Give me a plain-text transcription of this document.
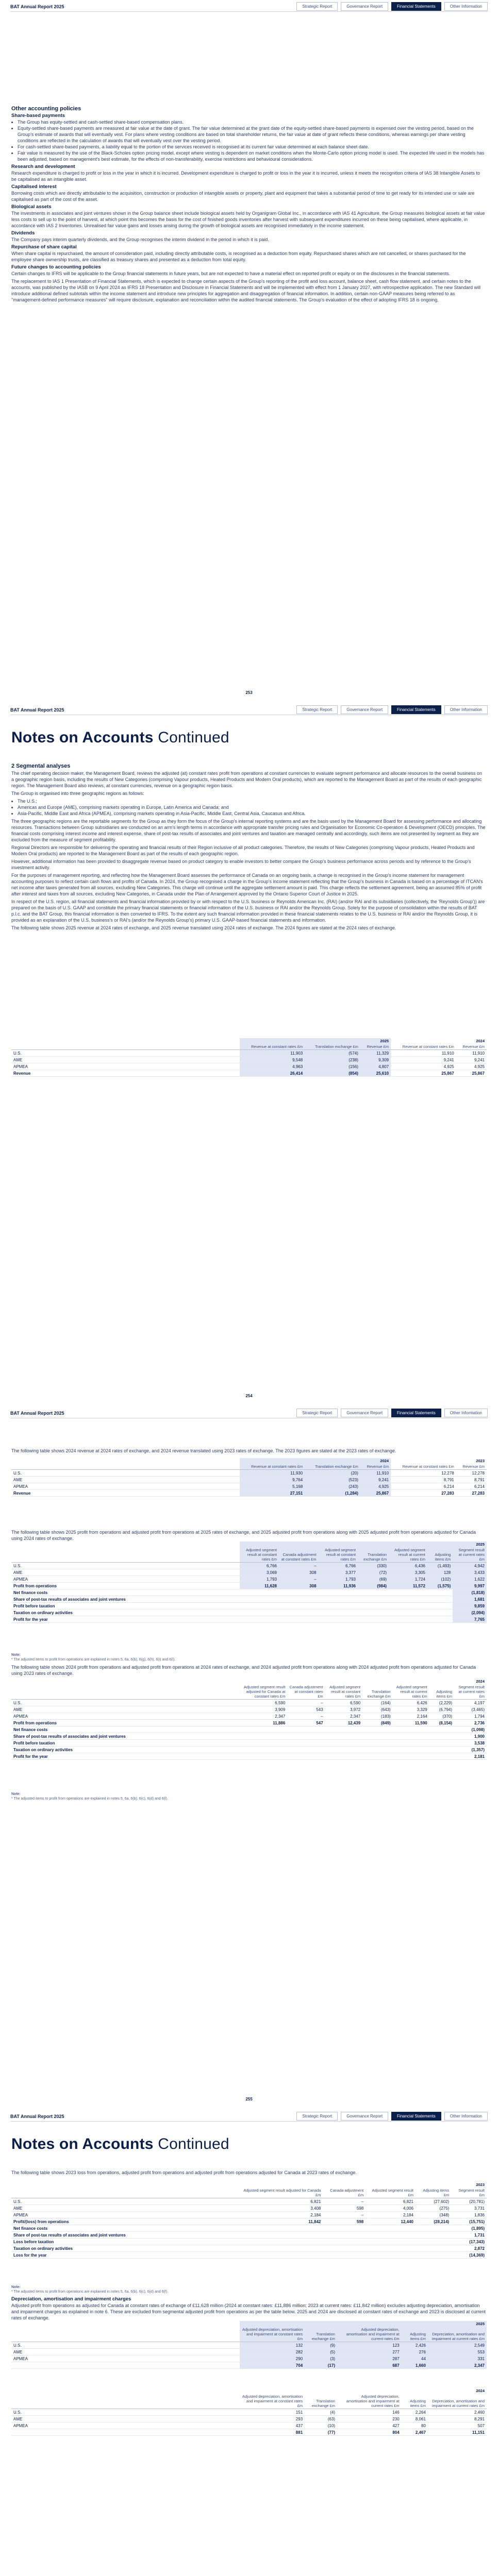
BAT Annual Report 2025	Strategic Report	Governance Report	Financial Statements	Other Information
Other accounting policies
Share-based payments
• The Group has equity-settled and cash-settled share-based compensation plans.
• Equity-settled share-based payments are measured at fair value at the date of grant. The fair value determined at the grant date of the equity-settled share-based payments is expensed over the vesting period, based on the Group's estimate of awards that will eventually vest. For plans where vesting conditions are based on total shareholder returns, the fair value at date of grant reflects these conditions, whereas earnings per share vesting conditions are reflected in the calculation of awards that will eventually vest over the vesting period.
• For cash-settled share-based payments, a liability equal to the portion of the services received is recognised at its current fair value determined at each balance sheet date.
• Fair value is measured by the use of the Black-Scholes option pricing model, except where vesting is dependent on market conditions when the Monte-Carlo option pricing model is used. The expected life used in the models has been adjusted, based on management's best estimate, for the effects of non-transferability, exercise restrictions and behavioural considerations.
Research and development

Research expenditure is charged to profit or loss in the year in which it is incurred. Development expenditure is charged to profit or loss in the year it is incurred, unless it meets the recognition criteria of IAS 38 Intangible Assets to be capitalised as an intangible asset.

Capitalised interest

Borrowing costs which are directly attributable to the acquisition, construction or production of intangible assets or property, plant and equipment that takes a substantial period of time to get ready for its intended use or sale are capitalised as part of the cost of the asset.

Biological assets

The investments in associates and joint ventures shown in the Group balance sheet include biological assets held by Organigram Global Inc., in accordance with IAS 41 Agriculture, the Group measures biological assets at fair value less costs to sell up to the point of harvest, at which point this becomes the basis for the cost of finished goods inventories after harvest with subsequent expenditures incurred on these being capitalised, where applicable, in accordance with IAS 2 Inventories. Unrealised fair value gains and losses arising during the growth of biological assets are recognised immediately in the income statement.

Dividends

The Company pays interim quarterly dividends, and the Group recognises the interim dividend in the period in which it is paid.

Repurchase of share capital

When share capital is repurchased, the amount of consideration paid, including directly attributable costs, is recognised as a deduction from equity. Repurchased shares which are not cancelled, or shares purchased for the employee share ownership trusts, are classified as treasury shares and presented as a deduction from total equity.

Future changes to accounting policies

Certain changes to IFRS will be applicable to the Group financial statements in future years, but are not expected to have a material effect on reported profit or equity or on the disclosures in the financial statements.

The replacement to IAS 1 Presentation of Financial Statements, which is expected to change certain aspects of the Group's reporting of the profit and loss account, balance sheet, cash flow statement, and certain notes to the accounts, was published by the IASB on 9 April 2024 as IFRS 18 Presentation and Disclosure in Financial Statements and will be implemented with effect from 1 January 2027, with retrospective application. The new Standard will introduce additional defined subtotals within the income statement and introduce new principles for aggregation and disaggregation of financial information. In addition, certain non-GAAP measures being referred to as "management-defined performance measures" will require disclosure, explanation and reconciliation within the audited financial statements. The Group's evaluation of the effect of adopting IFRS 18 is ongoing.

253
BAT Annual Report 2025	Strategic Report	Governance Report	Financial Statements	Other Information
Notes on Accounts Continued
2 Segmental analyses

The chief operating decision maker, the Management Board, reviews the adjusted (at) constant rates profit from operations at constant currencies to evaluate segment performance and allocate resources to the overall business on a geographic region basis, including the results of New Categories (comprising Vapour products, Heated Products and Modern Oral products), which are reported to the Management Board as part of the results of each geographic region. The Management Board also reviews, at constant currencies, revenue on a geographic region basis.

The Group is organised into three geographic regions as follows:

• The U.S.;
• Americas and Europe (AME), comprising markets operating in Europe, Latin America and Canada; and
• Asia-Pacific, Middle East and Africa (APMEA), comprising markets operating in Asia-Pacific, Middle East, Central Asia, Caucasus and Africa.

The three geographic regions are the reportable segments for the Group as they form the focus of the Group's internal reporting systems and are the basis used by the Management Board for assessing performance and allocating resources. Transactions between Group subsidiaries are conducted on an arm's length terms in accordance with appropriate transfer pricing rules and Organisation for Economic Co-operation & Development (OECD) principles. The financial costs comprising interest income and interest expense, share of post-tax results of associates and joint ventures and taxation are managed centrally and accordingly, such items are not presented by segment as they are excluded from the measure of segment profitability.

Regional Directors are responsible for delivering the operating and financial results of their Region inclusive of all product categories. Therefore, the results of New Categories (comprising Vapour products, Heated Products and Modern Oral products) are reported to the Management Board as part of the results of each geographic region.

However, additional information has been provided to disaggregate revenue based on product category to enable investors to better compare the Group's business performance across periods and by reference to the Group's investment activity.

For the purposes of management reporting, and reflecting how the Management Board assesses the performance of Canada on an ongoing basis, a change is recognised in the Group's income statement for management accounting purposes to reflect certain cash flows and profits of Canada. In 2024, the Group recognised a charge in the Group's income statement reflecting that the Group's business in Canada is based on a percentage of ITCAN's net income after taxes generated from all sources, excluding New Categories. This charge will continue until the aggregate settlement amount is paid. This charge reflects the settlement agreement, being an assumed 85% of profit after interest and taxes from all sources, excluding New Categories, in Canada under the Plan of Arrangement approved by the Ontario Superior Court of Justice in 2025.

In respect of the U.S. region, all financial statements and financial information provided by or with respect to the U.S. business or Reynolds American Inc. (RAI) (and/or RAI and its subsidiaries (collectively, the 'Reynolds Group')) are prepared on the basis of U.S. GAAP and constitute the primary financial statements or financial information of the U.S. business or RAI and/or the Reynolds Group. Solely for the purpose of consolidation within the results of BAT p.l.c. and the BAT Group, this financial information is then converted to IFRS. To the extent any such financial information provided in these financial statements relates to the U.S. business or RAI and/or the Reynolds Group, it is provided as an explanation of the U.S. business's or RAI's (and/or the Reynolds Group's) primary U.S. GAAP-based financial statements and information.

The following table shows 2025 revenue at 2024 rates of exchange, and 2025 revenue translated using 2024 rates of exchange. The 2024 figures are stated at the 2024 rates of exchange.

	2025			2024	
	Revenue at constant rates £m	Translation exchange £m	Revenue £m	Revenue at constant rates £m	Revenue £m
U.S.	11,903	(574)	11,329	11,910	11,910
AME	9,548	(238)	9,309	9,241	9,241
APMEA	4,963	(156)	4,807	4,925	4,925
Revenue	26,414	(854)	25,610	25,867	25,867
254
BAT Annual Report 2025	Strategic Report	Governance Report	Financial Statements	Other Information
The following table shows 2024 revenue at 2024 rates of exchange, and 2024 revenue translated using 2023 rates of exchange. The 2023 figures are stated at the 2023 rates of exchange.
	2024			2023	
	Revenue at constant rates £m	Translation exchange £m	Revenue £m	Revenue at constant rates £m	Revenue £m
U.S.	11,930	(20)	11,910	12,278	12,278
AME	9,764	(523)	9,241	8,791	8,791
APMEA	5,168	(243)	4,925	6,214	6,214
Revenue	27,151	(1,284)	25,867	27,283	27,283
The following table shows 2025 profit from operations and adjusted profit from operations at 2025 rates of exchange, and 2025 adjusted profit from operations along with 2025 adjusted profit from operations adjusted for Canada using 2024 rates of exchange.
	2025						
	Adjusted segment result at constant rates £m	Canada adjustment at constant rates £m	Adjusted segment result at constant rates £m	Translation exchange £m	Adjusted segment result at current rates £m	Adjusting items £m	Segment result at current rates £m
U.S.	6,766	–	6,766	(330)	6,436	(1,493)	4,942
AME	3,069	308	3,377	(72)	3,305	128	3,433
APMEA	1,793	–	1,793	(69)	1,724	(102)	1,622
Profit from operations	11,628	308	11,936	(984)	11,572	(1,575)	9,997
Net finance costs							(1,818)
Share of post-tax results of associates and joint ventures							1,681
Profit before taxation							9,859
Taxation on ordinary activities							(2,094)
Profit for the year							7,765
Note:
* The adjusted items to profit from operations are explained in notes 5, 6a, 6(b), 6(g), 6(h), 6(i) and 6(l).
The following table shows 2024 profit from operations and adjusted profit from operations at 2024 rates of exchange, and 2024 adjusted profit from operations along with 2024 adjusted profit from operations adjusted for Canada using 2023 rates of exchange.
	2024						
	Adjusted segment result adjusted for Canada at constant rates £m	Canada adjustment at constant rates £m	Adjusted segment result at constant rates £m	Translation exchange £m	Adjusted segment result at current rates £m	Adjusting items £m	Segment result at current rates £m
U.S.	6,590	–	6,590	(164)	6,426	(2,229)	4,197
AME	3,909	543	3,972	(643)	3,329	(6,794)	(3,465)
APMEA	2,347	–	2,347	(183)	2,164	(370)	1,794
Profit from operations	11,886	547	12,439	(849)	11,590	(8,154)	2,736
Net finance costs							(1,098)
Share of post-tax results of associates and joint ventures							1,900
Profit before taxation							3,538
Taxation on ordinary activities							(1,357)
Profit for the year							2,181
Note:
* The adjusted items to profit from operations are explained in notes 5, 6a, 6(b), 6(c), 6(d) and 6(l).
255
BAT Annual Report 2025	Strategic Report	Governance Report	Financial Statements	Other Information
Notes on Accounts Continued
The following table shows 2023 loss from operations, adjusted profit from operations and adjusted profit from operations adjusted for Canada at 2023 rates of exchange.
	2023				
	Adjusted segment result adjusted for Canada £m	Canada adjustment £m	Adjusted segment result £m	Adjusting items £m	Segment result £m
U.S.	6,821	–	6,821	(27,602)	(20,781)
AME	3,408	598	4,006	(275)	3,731
APMEA	2,184	–	2,184	(348)	1,836
Profit/(loss) from operations	11,842	598	12,440	(28,214)	(15,751)
Net finance costs					(1,895)
Share of post-tax results of associates and joint ventures					1,731
Loss before taxation					(17,343)
Taxation on ordinary activities					2,872
Loss for the year					(14,369)
Note:
* The adjusted items to profit from operations are explained in notes 5, 6a, 6(b), 6(c), 6(d) and 6(f).
Depreciation, amortisation and impairment charges

Adjusted profit from operations as adjusted for Canada at constant rates of exchange of £11,628 million (2024 at constant rates: £11,886 million; 2023 at current rates: £11,842 million) excludes adjusting depreciation, amortisation and impairment charges as explained in note 6. These are excluded from segmental adjusted profit from operations as per the table below. 2025 and 2024 are disclosed at constant rates of exchange and 2023 is disclosed at current rates of exchange.

	2025				
	Adjusted depreciation, amortisation and impairment at constant rates £m	Translation exchange £m	Adjusted depreciation, amortisation and impairment at current rates £m	Adjusting items £m	Depreciation, amortisation and impairment at current rates £m
U.S.	132	(9)	123	2,426	2,549
AME	282	(5)	277	276	553
APMEA	290	(3)	287	44	331
	704	(17)	687	1,660	2,347
	2024				
	Adjusted depreciation, amortisation and impairment at constant rates £m	Translation exchange £m	Adjusted depreciation, amortisation and impairment at current rates £m	Adjusting items £m	Depreciation, amortisation and impairment at current rates £m
U.S.	151	(4)	146	2,264	2,460
AME	293	(63)	230	8,061	8,291
APMEA	437	(10)	427	80	507
	881	(77)	804	2,467	11,151
